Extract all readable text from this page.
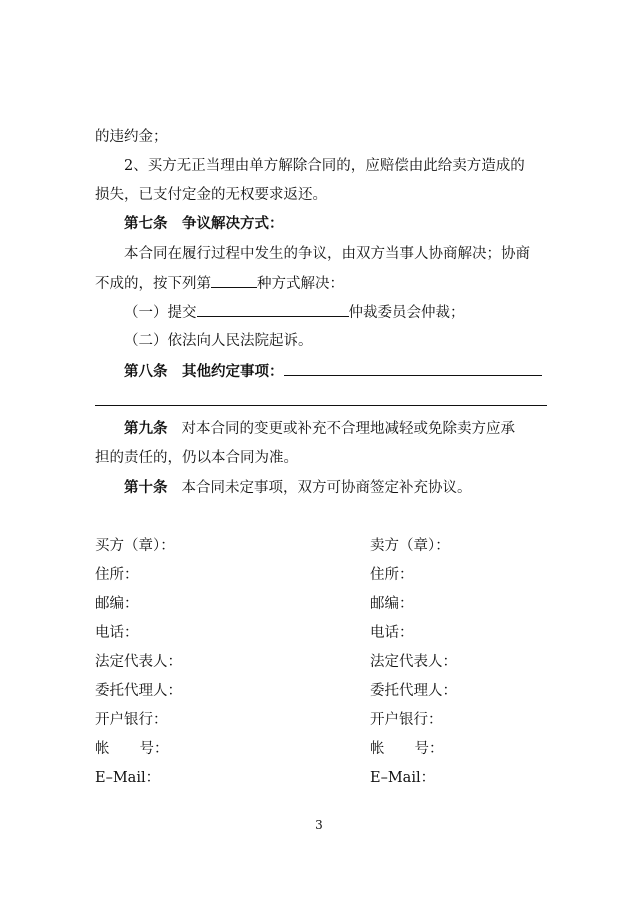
的违约金；
2、买方无正当理由单方解除合同的，应赔偿由此给卖方造成的
损失，已支付定金的无权要求返还。
第七条　争议解决方式：
本合同在履行过程中发生的争议，由双方当事人协商解决；协商
不成的，按下列第	种方式解决：
（一）提交	仲裁委员会仲裁；
（二）依法向人民法院起诉。
第八条　其他约定事项：
第九条 对本合同的变更或补充不合理地减轻或免除卖方应承
担的责任的，仍以本合同为准。
第十条 本合同未定事项，双方可协商签定补充协议。
买方（章）：
住所：
邮编：
电话：
法定代表人：
委托代理人：
开户银行：
帐 号：
E–Mail：
卖方（章）：
住所：
邮编：
电话：
法定代表人：
委托代理人：
开户银行：
帐 号：
E–Mail：
3
